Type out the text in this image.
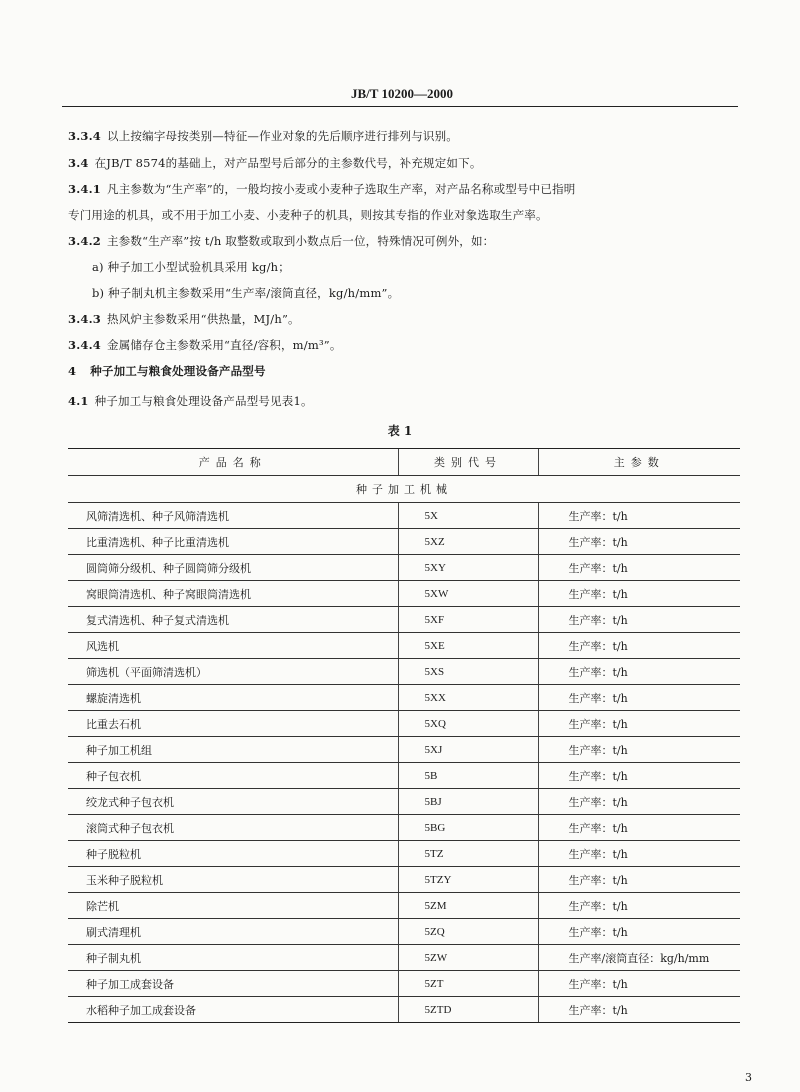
JB/T 10200—2000
3.3.4 以上按编字母按类别—特征—作业对象的先后顺序进行排列与识别。
3.4 在JB/T 8574的基础上，对产品型号后部分的主参数代号，补充规定如下。
3.4.1 凡主参数为“生产率”的，一般均按小麦或小麦种子选取生产率，对产品名称或型号中已指明
专门用途的机具，或不用于加工小麦、小麦种子的机具，则按其专指的作业对象选取生产率。
3.4.2 主参数“生产率”按 t/h 取整数或取到小数点后一位，特殊情况可例外，如：
a) 种子加工小型试验机具采用 kg/h；
b) 种子制丸机主参数采用“生产率/滚筒直径，kg/h/mm”。
3.4.3 热风炉主参数采用“供热量，MJ/h”。
3.4.4 金属储存仓主参数采用“直径/容积，m/m³”。
4 种子加工与粮食处理设备产品型号
4.1 种子加工与粮食处理设备产品型号见表1。
表 1
产品名称	类别代号	主参数
种子加工机械		
风筛清选机、种子风筛清选机	5X	生产率：t/h
比重清选机、种子比重清选机	5XZ	生产率：t/h
圆筒筛分级机、种子圆筒筛分级机	5XY	生产率：t/h
窝眼筒清选机、种子窝眼筒清选机	5XW	生产率：t/h
复式清选机、种子复式清选机	5XF	生产率：t/h
风选机	5XE	生产率：t/h
筛选机（平面筛清选机）	5XS	生产率：t/h
螺旋清选机	5XX	生产率：t/h
比重去石机	5XQ	生产率：t/h
种子加工机组	5XJ	生产率：t/h
种子包衣机	5B	生产率：t/h
绞龙式种子包衣机	5BJ	生产率：t/h
滚筒式种子包衣机	5BG	生产率：t/h
种子脱粒机	5TZ	生产率：t/h
玉米种子脱粒机	5TZY	生产率：t/h
除芒机	5ZM	生产率：t/h
刷式清理机	5ZQ	生产率：t/h
种子制丸机	5ZW	生产率/滚筒直径：kg/h/mm
种子加工成套设备	5ZT	生产率：t/h
水稻种子加工成套设备	5ZTD	生产率：t/h
3
